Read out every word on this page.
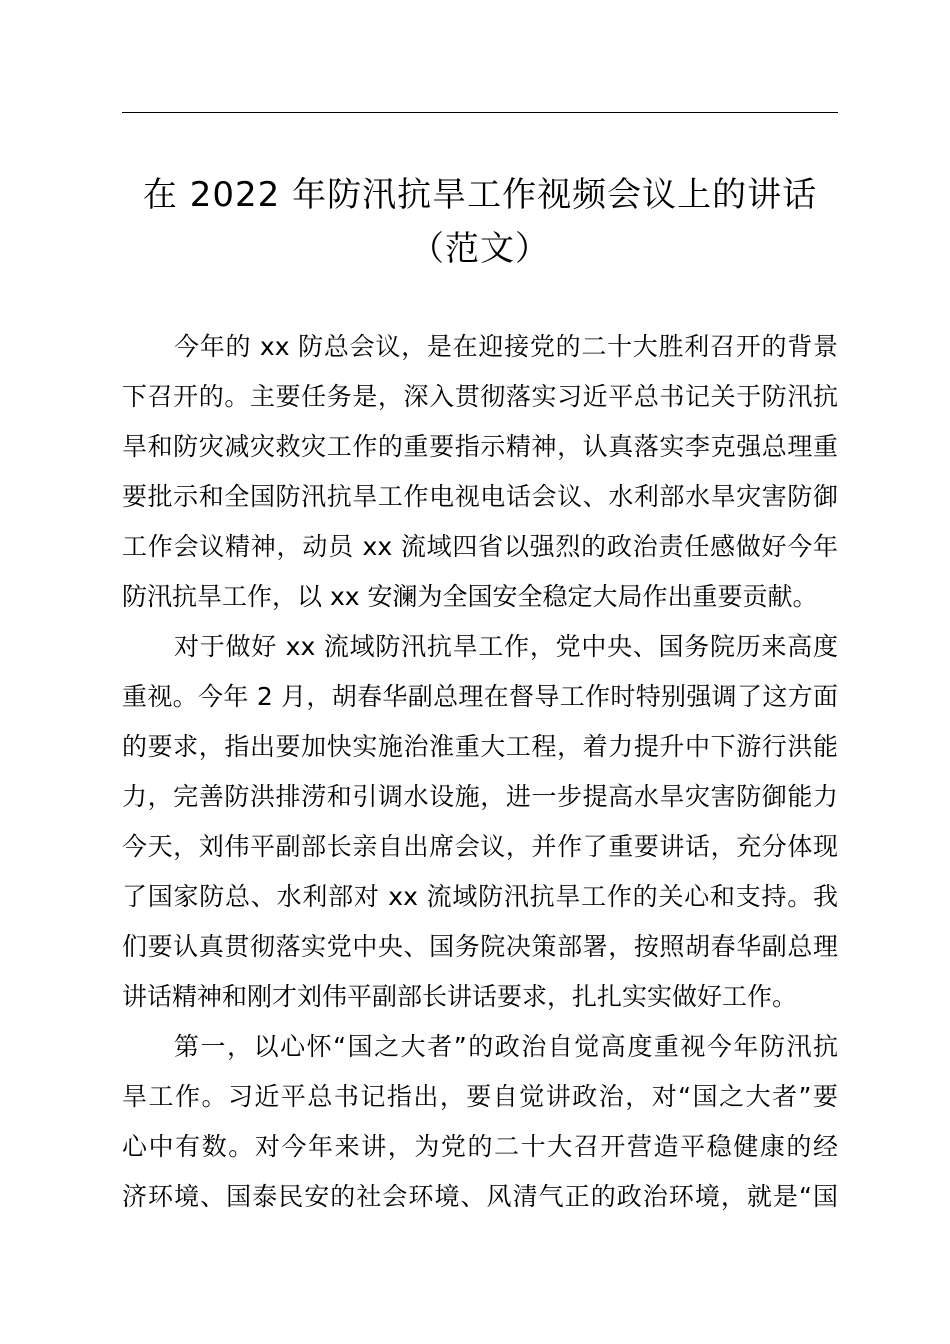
在 2022 年防汛抗旱工作视频会议上的讲话
（范文）
今年的 xx 防总会议，是在迎接党的二十大胜利召开的背景
下召开的。主要任务是，深入贯彻落实习近平总书记关于防汛抗
旱和防灾减灾救灾工作的重要指示精神，认真落实李克强总理重
要批示和全国防汛抗旱工作电视电话会议、水利部水旱灾害防御
工作会议精神，动员 xx 流域四省以强烈的政治责任感做好今年
防汛抗旱工作，以 xx 安澜为全国安全稳定大局作出重要贡献。
对于做好 xx 流域防汛抗旱工作，党中央、国务院历来高度
重视。今年 2 月，胡春华副总理在督导工作时特别强调了这方面
的要求，指出要加快实施治淮重大工程，着力提升中下游行洪能
力，完善防洪排涝和引调水设施，进一步提高水旱灾害防御能力
今天，刘伟平副部长亲自出席会议，并作了重要讲话，充分体现
了国家防总、水利部对 xx 流域防汛抗旱工作的关心和支持。我
们要认真贯彻落实党中央、国务院决策部署，按照胡春华副总理
讲话精神和刚才刘伟平副部长讲话要求，扎扎实实做好工作。
第一，以心怀“国之大者”的政治自觉高度重视今年防汛抗
旱工作。习近平总书记指出，要自觉讲政治，对“国之大者”要
心中有数。对今年来讲，为党的二十大召开营造平稳健康的经
济环境、国泰民安的社会环境、风清气正的政治环境，就是“国
